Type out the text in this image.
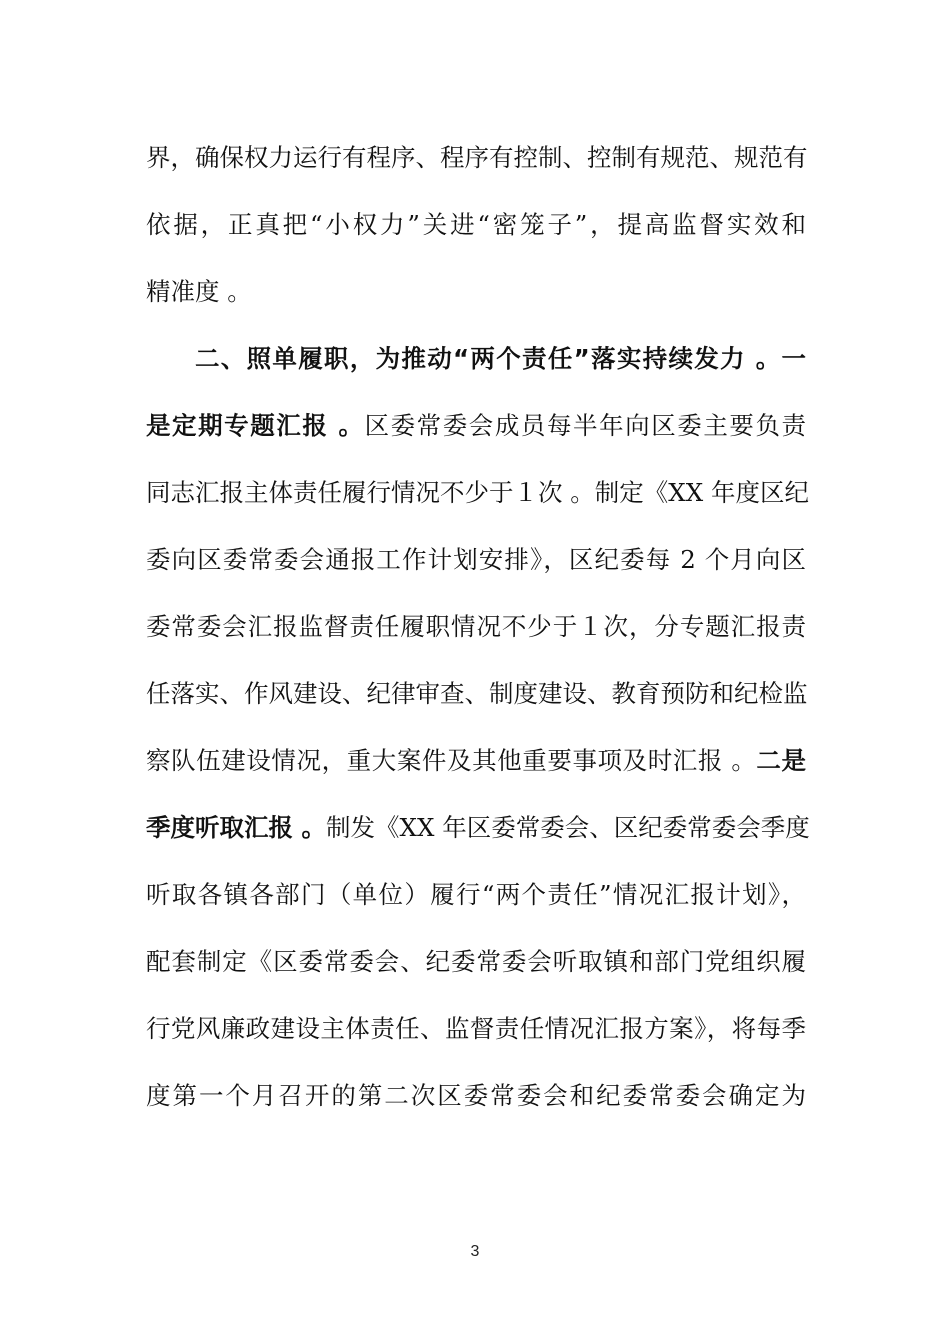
界，确保权力运行有程序、程序有控制、控制有规范、规范有
依据，正真把“小权力”关进“密笼子”，提高监督实效和
精准度 。
二、照单履职，为推动“两个责任”落实持续发力 。一
是定期专题汇报 。区委常委会成员每半年向区委主要负责
同志汇报主体责任履行情况不少于１次 。制定《XX 年度区纪
委向区委常委会通报工作计划安排》，区纪委每 2 个月向区
委常委会汇报监督责任履职情况不少于１次，分专题汇报责
任落实、作风建设、纪律审查、制度建设、教育预防和纪检监
察队伍建设情况，重大案件及其他重要事项及时汇报 。二是
季度听取汇报 。制发《XX 年区委常委会、区纪委常委会季度
听取各镇各部门（单位）履行“两个责任”情况汇报计划》，
配套制定《区委常委会、纪委常委会听取镇和部门党组织履
行党风廉政建设主体责任、监督责任情况汇报方案》，将每季
度第一个月召开的第二次区委常委会和纪委常委会确定为
3
